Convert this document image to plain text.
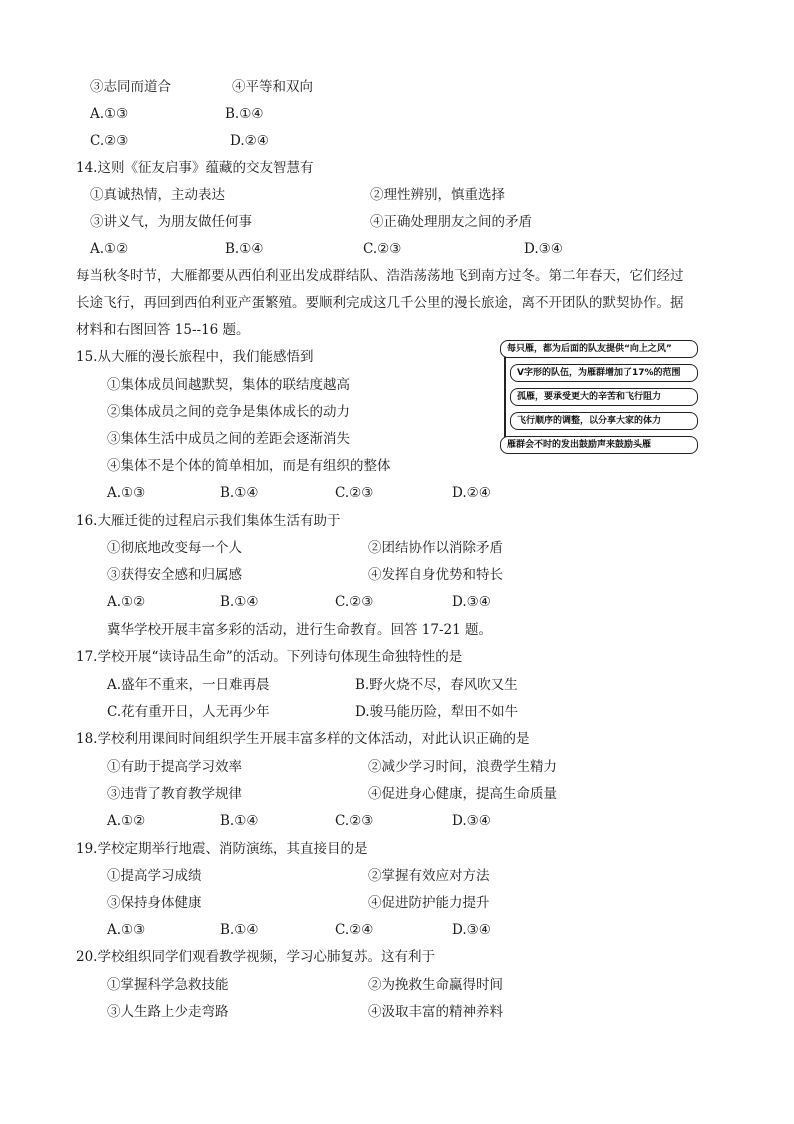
③志同而道合	④平等和双向
A.①③	B.①④
C.②③	D.②④
14.这则《征友启事》蕴藏的交友智慧有
①真诚热情，主动表达	②理性辨别，慎重选择
③讲义气，为朋友做任何事	④正确处理朋友之间的矛盾
A.①②	B.①④	C.②③	D.③④
每当秋冬时节，大雁都要从西伯利亚出发成群结队、浩浩荡荡地飞到南方过冬。第二年春天，它们经过
长途飞行，再回到西伯利亚产蛋繁殖。要顺利完成这几千公里的漫长旅途，离不开团队的默契协作。据
材料和右图回答 15--16 题。
15.从大雁的漫长旅程中，我们能感悟到
①集体成员间越默契，集体的联结度越高
②集体成员之间的竞争是集体成长的动力
③集体生活中成员之间的差距会逐渐消失
④集体不是个体的简单相加，而是有组织的整体
A.①③	B.①④	C.②③	D.②④
16.大雁迁徙的过程启示我们集体生活有助于
①彻底地改变每一个人	②团结协作以消除矛盾
③获得安全感和归属感	④发挥自身优势和特长
A.①②	B.①④	C.②③	D.③④
冀华学校开展丰富多彩的活动，进行生命教育。回答 17-21 题。
17.学校开展“读诗品生命”的活动。下列诗句体现生命独特性的是
A.盛年不重来，一日难再晨	B.野火烧不尽，春风吹又生
C.花有重开日，人无再少年	D.骏马能历险，犁田不如牛
18.学校利用课间时间组织学生开展丰富多样的文体活动，对此认识正确的是
①有助于提高学习效率	②减少学习时间，浪费学生精力
③违背了教育教学规律	④促进身心健康，提高生命质量
A.①②	B.①④	C.②③	D.③④
19.学校定期举行地震、消防演练，其直接目的是
①提高学习成绩	②掌握有效应对方法
③保持身体健康	④促进防护能力提升
A.①③	B.①④	C.②④	D.③④
20.学校组织同学们观看教学视频，学习心肺复苏。这有利于
①掌握科学急救技能	②为挽救生命赢得时间
③人生路上少走弯路	④汲取丰富的精神养料
每只雁，都为后面的队友提供“向上之风”
V字形的队伍，为雁群增加了17%的范围
孤雁，要承受更大的辛苦和飞行阻力
飞行顺序的调整，以分享大家的体力
雁群会不时的发出鼓励声来鼓励头雁
